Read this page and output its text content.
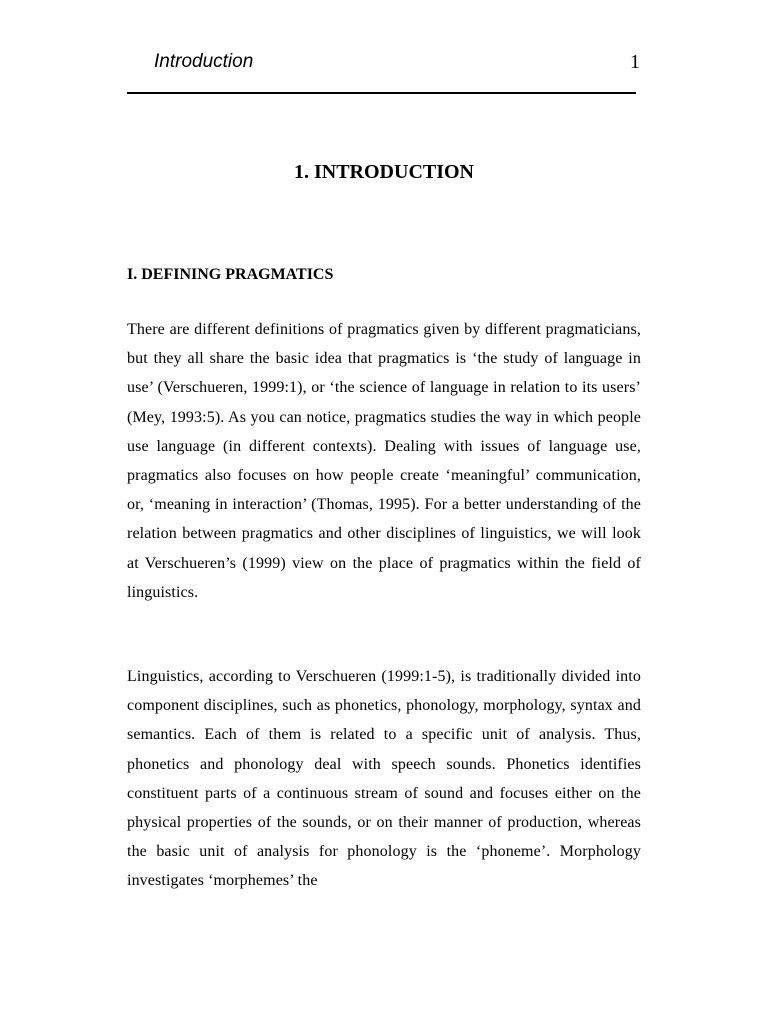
Introduction	1
1. INTRODUCTION
I. DEFINING PRAGMATICS

There are different definitions of pragmatics given by different pragmaticians, but they all share the basic idea that pragmatics is ‘the study of language in use’ (Verschueren, 1999:1), or ‘the science of language in relation to its users’ (Mey, 1993:5). As you can notice, pragmatics studies the way in which people use language (in different contexts). Dealing with issues of language use, pragmatics also focuses on how people create ‘meaningful’ communication, or, ‘meaning in interaction’ (Thomas, 1995). For a better understanding of the relation between pragmatics and other disciplines of linguistics, we will look at Verschueren’s (1999) view on the place of pragmatics within the field of linguistics.

Linguistics, according to Verschueren (1999:1-5), is traditionally divided into component disciplines, such as phonetics, phonology, morphology, syntax and semantics. Each of them is related to a specific unit of analysis. Thus, phonetics and phonology deal with speech sounds. Phonetics identifies constituent parts of a continuous stream of sound and focuses either on the physical properties of the sounds, or on their manner of production, whereas the basic unit of analysis for phonology is the ‘phoneme’. Morphology investigates ‘morphemes’ the
